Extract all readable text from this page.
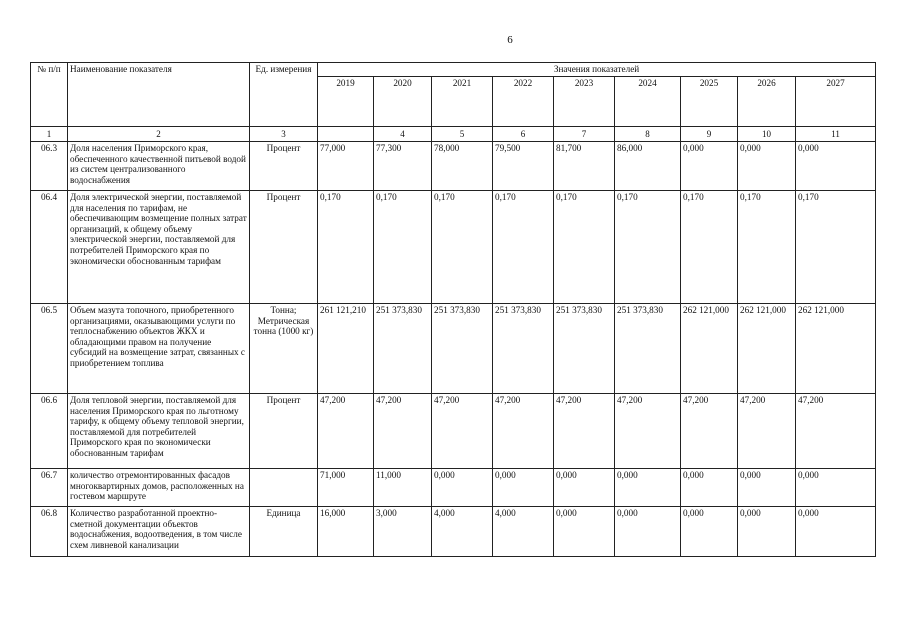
6
№ п/п	Наименование показателя	Ед. измерения	Значения показателей								
			2019	2020	2021	2022	2023	2024	2025	2026	2027
1	2	3		4	5	6	7	8	9	10	11
06.3	Доля населения Приморского края, обеспеченного качественной питьевой водой из систем централизованного водоснабжения	Процент	77,000	77,300	78,000	79,500	81,700	86,000	0,000	0,000	0,000
06.4	Доля электрической энергии, поставляемой для населения по тарифам, не обеспечивающим возмещение полных затрат организаций, к общему объему электрической энергии, поставляемой для потребителей Приморского края по экономически обоснованным тарифам	Процент	0,170	0,170	0,170	0,170	0,170	0,170	0,170	0,170	0,170
06.5	Объем мазута топочного, приобретенного организациями, оказывающими услуги по теплоснабжению объектов ЖКХ и обладающими правом на получение субсидий на возмещение затрат, связанных с приобретением топлива	Тонна; Метрическая тонна (1000 кг)	261 121,210	251 373,830	251 373,830	251 373,830	251 373,830	251 373,830	262 121,000	262 121,000	262 121,000
06.6	Доля тепловой энергии, поставляемой для населения Приморского края по льготному тарифу, к общему объему тепловой энергии, поставляемой для потребителей Приморского края по экономически обоснованным тарифам	Процент	47,200	47,200	47,200	47,200	47,200	47,200	47,200	47,200	47,200
06.7	количество отремонтированных фасадов многоквартирных домов, расположенных на гостевом маршруте		71,000	11,000	0,000	0,000	0,000	0,000	0,000	0,000	0,000
06.8	Количество разработанной проектно-сметной документации объектов водоснабжения, водоотведения, в том числе схем ливневой канализации	Единица	16,000	3,000	4,000	4,000	0,000	0,000	0,000	0,000	0,000
